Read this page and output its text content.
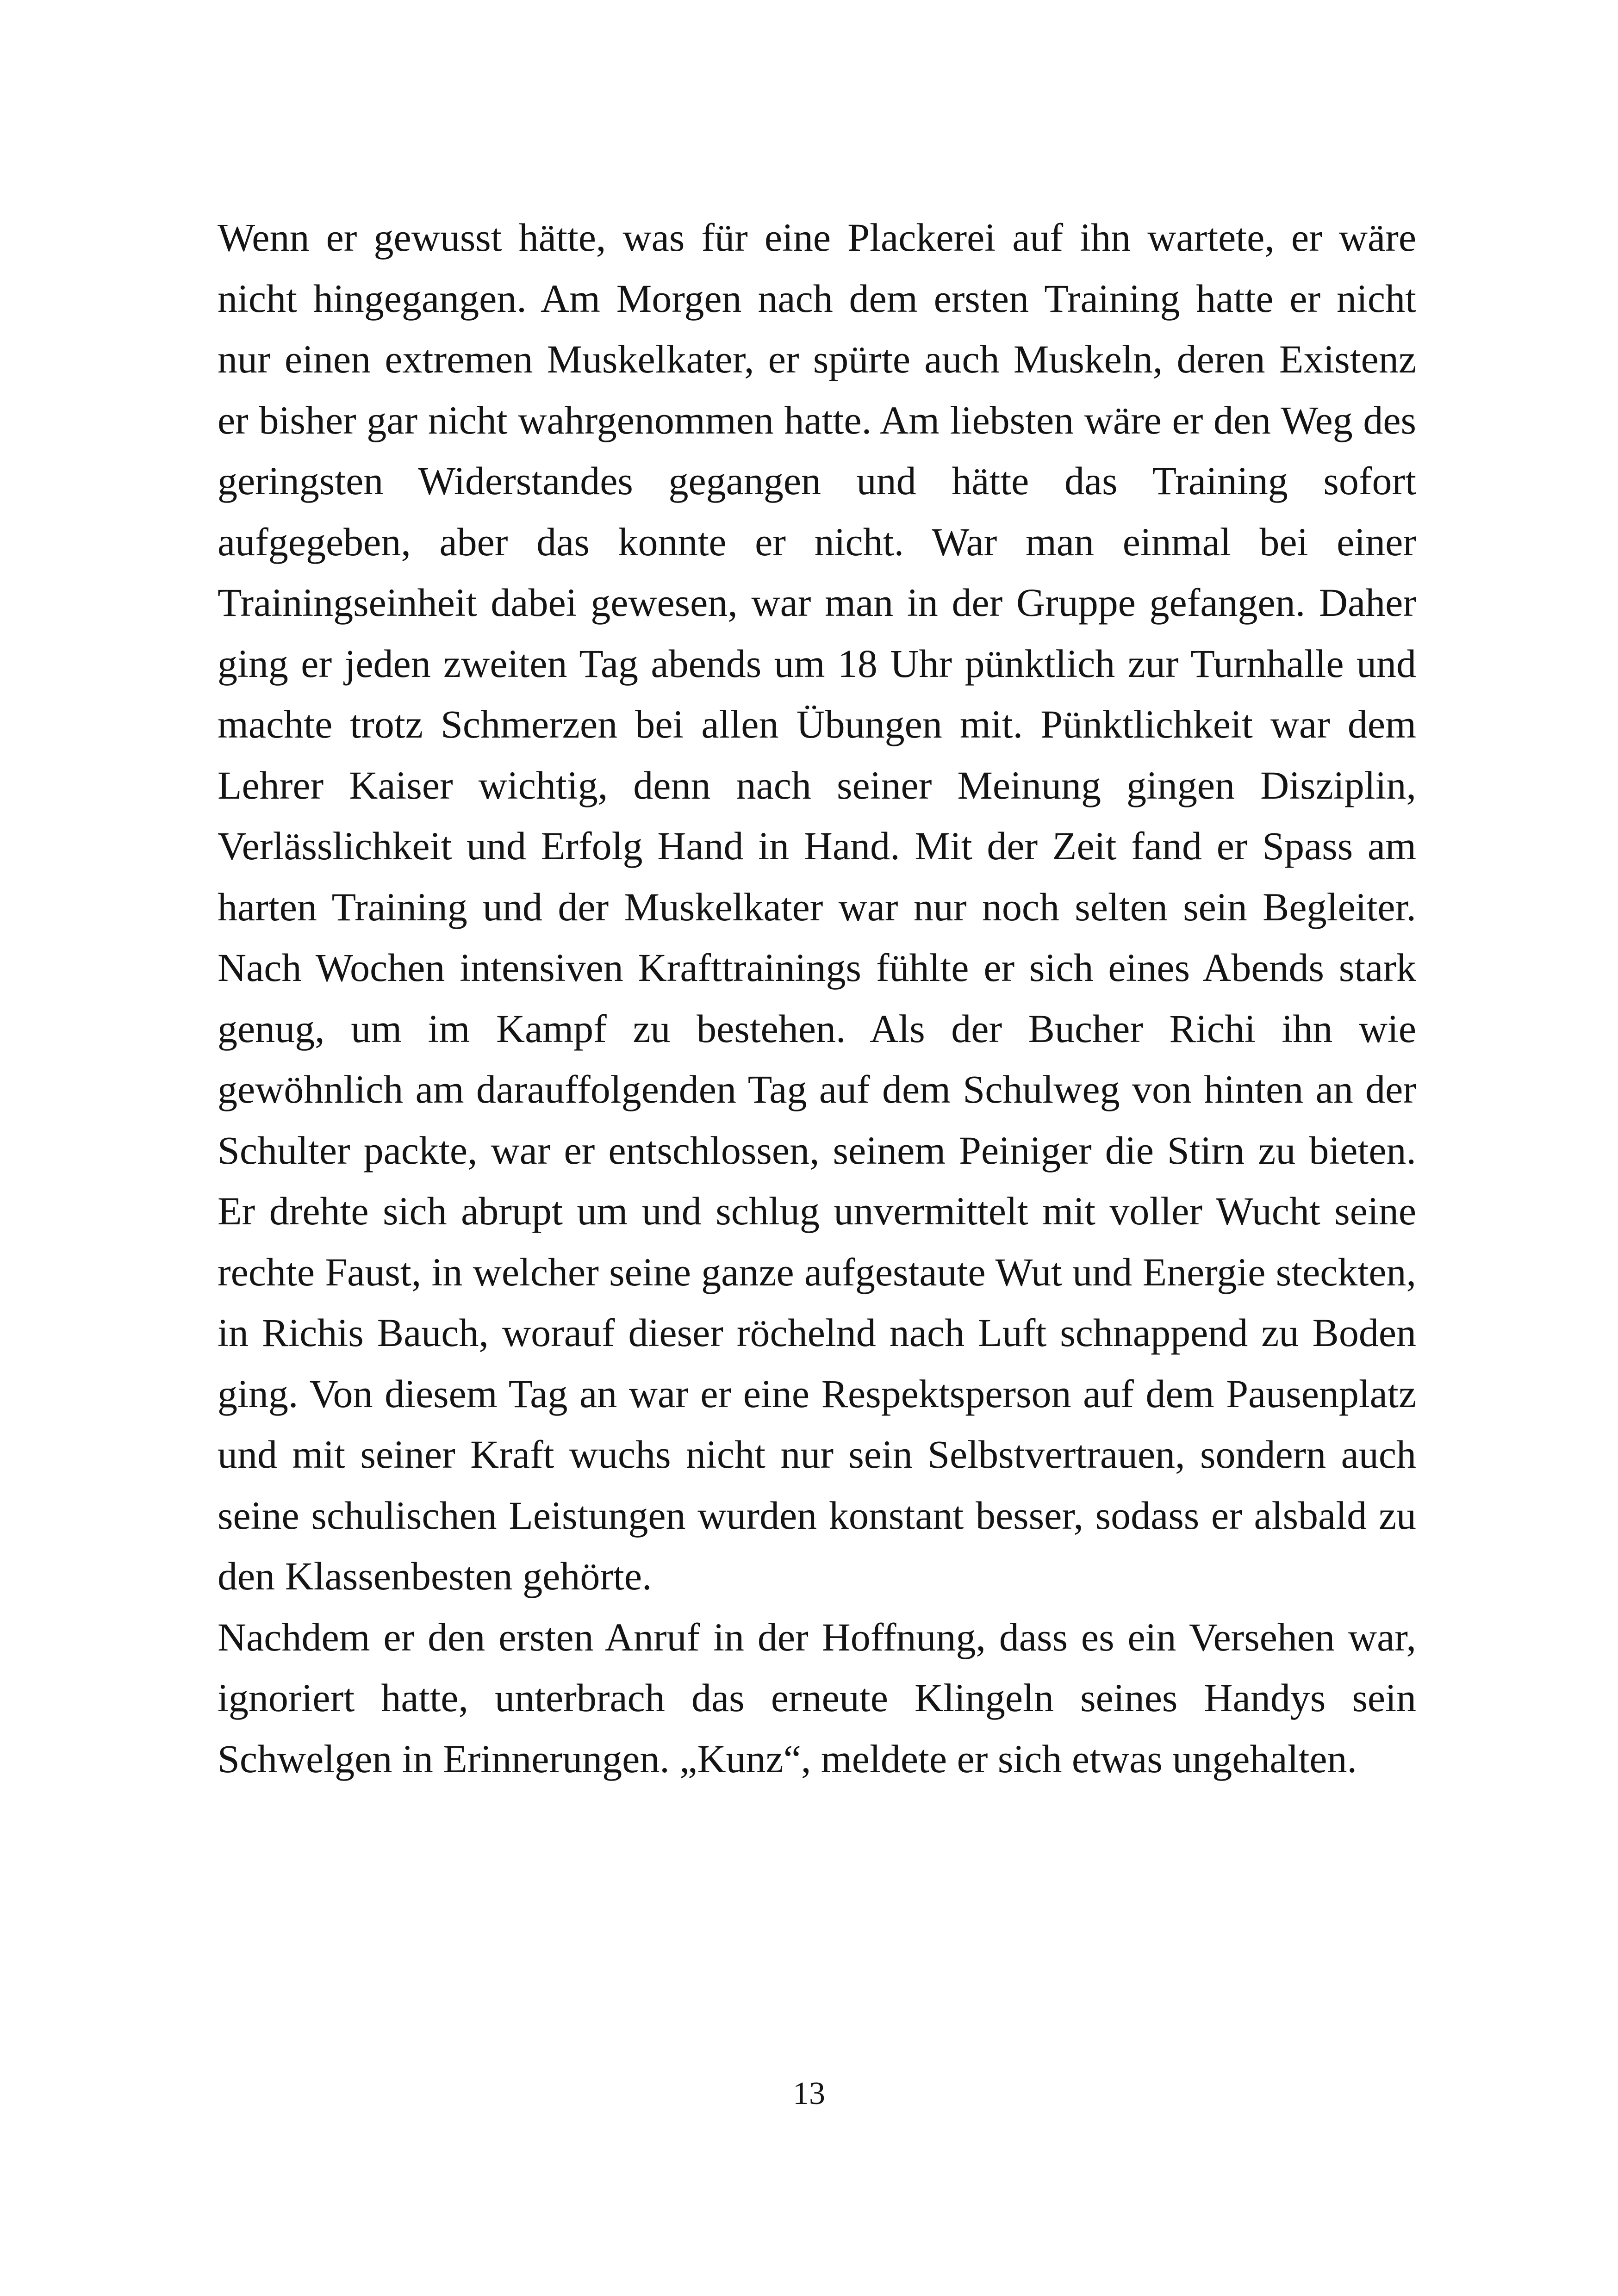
Wenn er gewusst hätte, was für eine Plackerei auf ihn wartete, er wäre nicht hingegangen. Am Morgen nach dem ersten Training hatte er nicht nur einen extremen Muskelkater, er spürte auch Muskeln, deren Existenz er bisher gar nicht wahrgenommen hatte. Am liebsten wäre er den Weg des geringsten Widerstandes gegangen und hätte das Training sofort aufgegeben, aber das konnte er nicht. War man einmal bei einer Trainingseinheit dabei gewesen, war man in der Gruppe gefangen. Daher ging er jeden zweiten Tag abends um 18 Uhr pünktlich zur Turnhalle und machte trotz Schmerzen bei allen Übungen mit. Pünktlichkeit war dem Lehrer Kaiser wichtig, denn nach seiner Meinung gingen Disziplin, Verlässlichkeit und Erfolg Hand in Hand. Mit der Zeit fand er Spass am harten Training und der Muskelkater war nur noch selten sein Begleiter. Nach Wochen intensiven Krafttrainings fühlte er sich eines Abends stark genug, um im Kampf zu bestehen. Als der Bucher Richi ihn wie gewöhnlich am darauffolgenden Tag auf dem Schulweg von hinten an der Schulter packte, war er entschlossen, seinem Peiniger die Stirn zu bieten. Er drehte sich abrupt um und schlug unvermittelt mit voller Wucht seine rechte Faust, in welcher seine ganze aufgestaute Wut und Energie steckten, in Richis Bauch, worauf dieser röchelnd nach Luft schnappend zu Boden ging. Von diesem Tag an war er eine Respektsperson auf dem Pausenplatz und mit seiner Kraft wuchs nicht nur sein Selbstvertrauen, sondern auch seine schulischen Leistungen wurden konstant besser, sodass er alsbald zu den Klassenbesten gehörte.

Nachdem er den ersten Anruf in der Hoffnung, dass es ein Versehen war, ignoriert hatte, unterbrach das erneute Klingeln seines Handys sein Schwelgen in Erinnerungen. „Kunz“, meldete er sich etwas ungehalten.

13
